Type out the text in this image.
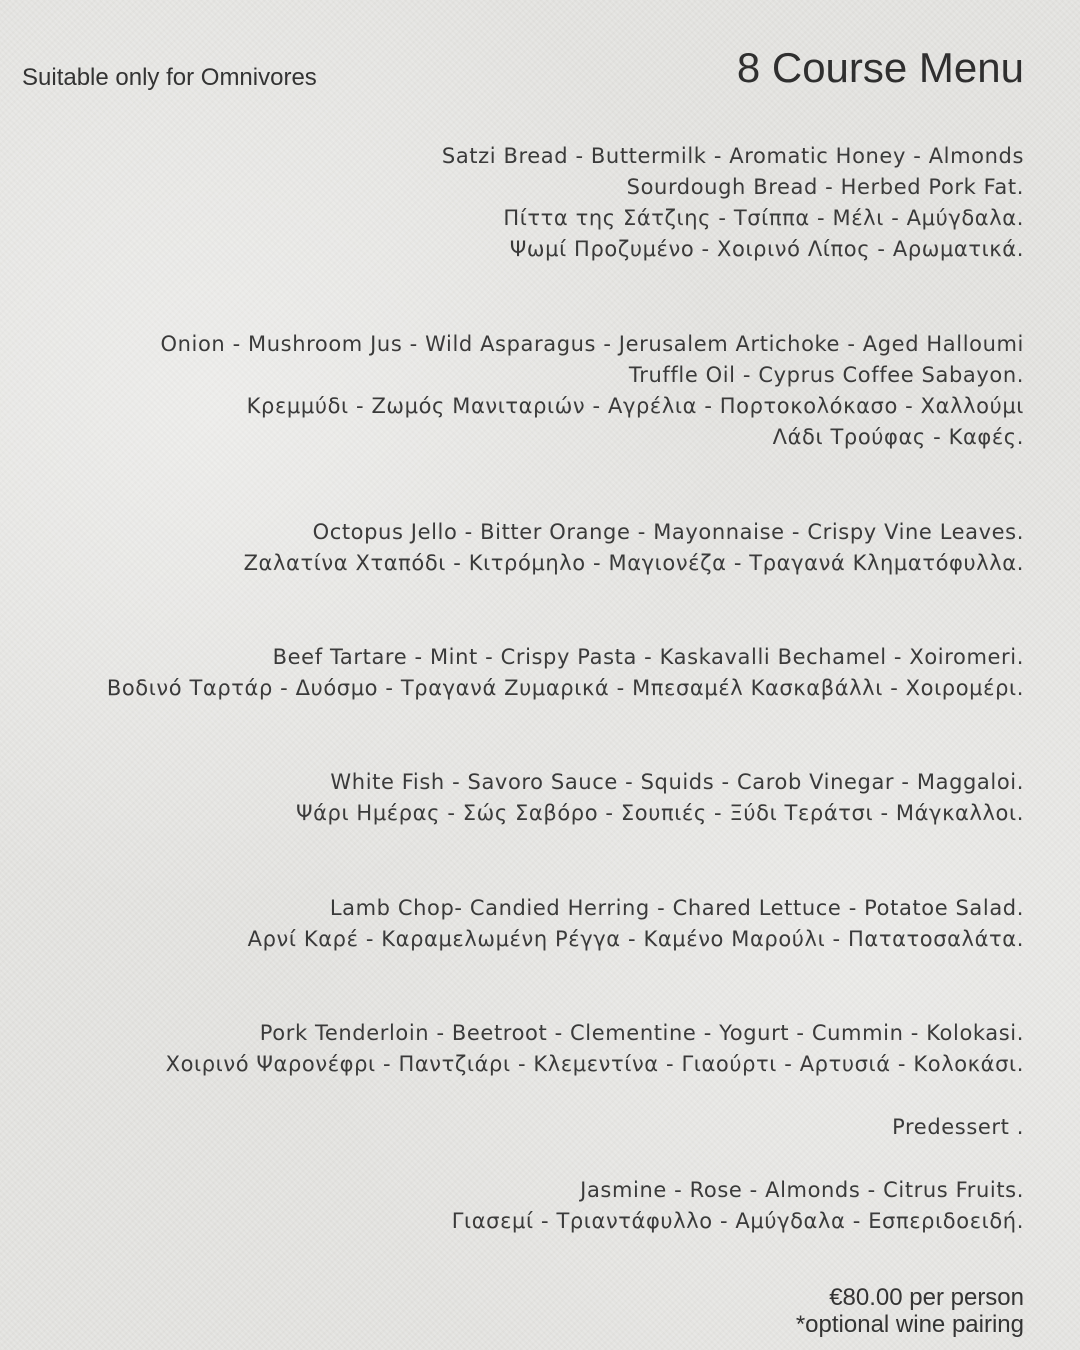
Suitable only for Omnivores	8 Course Menu

Satzi Bread - Buttermilk - Aromatic Honey - Almonds

Sourdough Bread - Herbed Pork Fat.

Πίττα της Σάτζιης - Τσίππα - Μέλι - Αμύγδαλα.

Ψωμί Προζυμένο - Χοιρινό Λίπος - Αρωματικά.

Onion - Mushroom Jus - Wild Asparagus - Jerusalem Artichoke - Aged Halloumi

Truffle Oil - Cyprus Coffee Sabayon.

Κρεμμύδι - Ζωμός Μανιταριών - Αγρέλια - Πορτοκολόκασο - Χαλλούμι

Λάδι Τρούφας - Καφές.

Octopus Jello - Bitter Orange - Mayonnaise - Crispy Vine Leaves.

Ζαλατίνα Χταπόδι - Κιτρόμηλο - Μαγιονέζα - Τραγανά Κληματόφυλλα.

Beef Tartare - Mint - Crispy Pasta - Kaskavalli Bechamel - Xoiromeri.

Βοδινό Ταρτάρ - Δυόσμο - Τραγανά Ζυμαρικά - Μπεσαμέλ Κασκαβάλλι - Χοιρομέρι.

White Fish - Savoro Sauce - Squids - Carob Vinegar - Maggaloi.

Ψάρι Ημέρας - Σώς Σαβόρο - Σουπιές - Ξύδι Τεράτσι - Μάγκαλλοι.

Lamb Chop- Candied Herring - Chared Lettuce - Potatoe Salad.

Αρνί Καρέ - Καραμελωμένη Ρέγγα - Καμένο Μαρούλι - Πατατοσαλάτα.

Pork Tenderloin - Beetroot - Clementine - Yogurt - Cummin - Kolokasi.

Χοιρινό Ψαρονέφρι - Παντζιάρι - Κλεμεντίνα - Γιαούρτι - Αρτυσιά - Κολοκάσι.

Predessert .

Jasmine - Rose - Almonds - Citrus Fruits.

Γιασεμί - Τριαντάφυλλο - Αμύγδαλα - Εσπεριδοειδή.

€80.00 per person

*optional wine pairing
